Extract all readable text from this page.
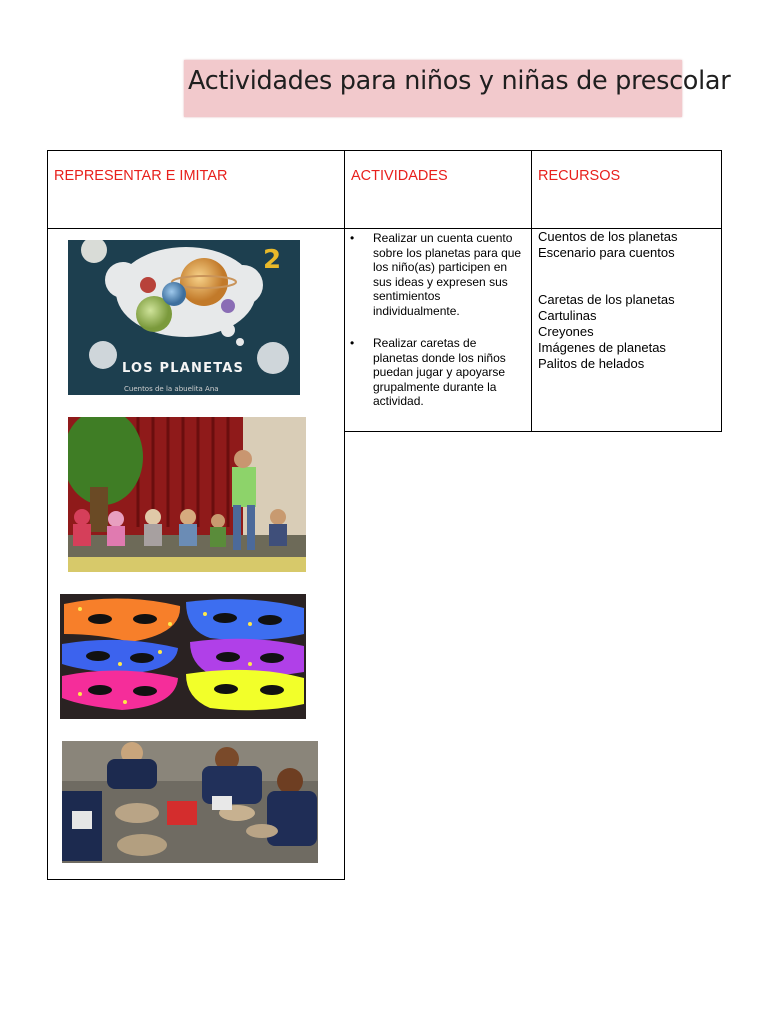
Actividades para niños y niñas de prescolar
REPRESENTAR E IMITAR	ACTIVIDADES	RECURSOS
• Realizar un cuenta cuento sobre los planetas para que los niño(as) participen en sus ideas y expresen sus sentimientos individualmente.
• Realizar caretas de planetas donde los niños puedan jugar y apoyarse grupalmente durante la actividad.
Cuentos de los planetas
Escenario para cuentos
Caretas de los planetas
Cartulinas
Creyones
Imágenes de planetas
Palitos de helados
2
LOS PLANETAS
Cuentos de la abuelita Ana
